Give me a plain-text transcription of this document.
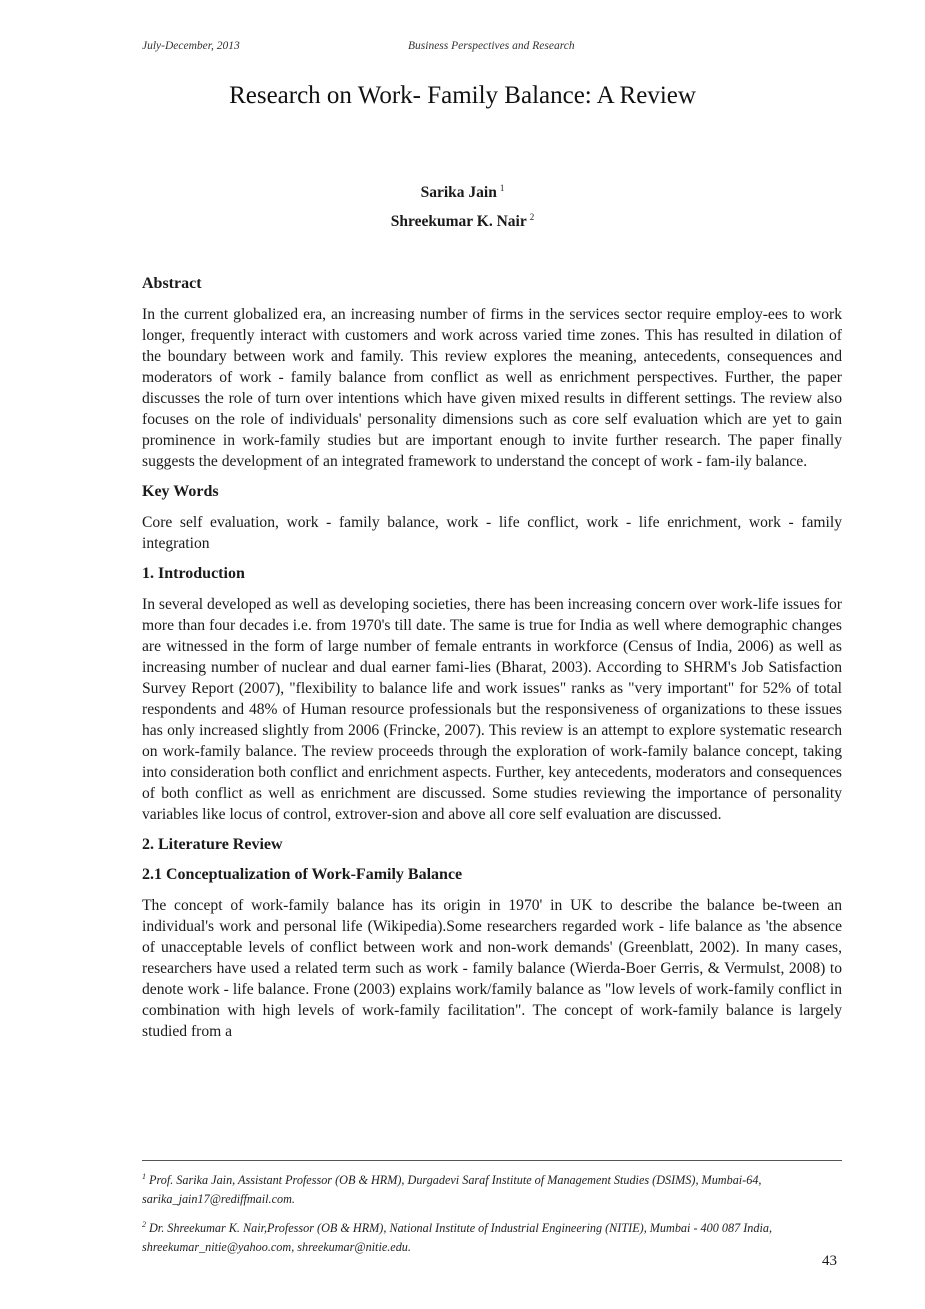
July-December, 2013	Business Perspectives and Research
Research on Work- Family Balance: A Review
Sarika Jain $^1$
Shreekumar K. Nair $^2$
Abstract

In the current globalized era, an increasing number of firms in the services sector require employ-ees to work longer, frequently interact with customers and work across varied time zones. This has resulted in dilation of the boundary between work and family. This review explores the meaning, antecedents, consequences and moderators of work - family balance from conflict as well as enrichment perspectives. Further, the paper discusses the role of turn over intentions which have given mixed results in different settings. The review also focuses on the role of individuals' personality dimensions such as core self evaluation which are yet to gain prominence in work-family studies but are important enough to invite further research. The paper finally suggests the development of an integrated framework to understand the concept of work - fam-ily balance.

Key Words

Core self evaluation, work - family balance, work - life conflict, work - life enrichment, work - family integration

1. Introduction

In several developed as well as developing societies, there has been increasing concern over work-life issues for more than four decades i.e. from 1970's till date. The same is true for India as well where demographic changes are witnessed in the form of large number of female entrants in workforce (Census of India, 2006) as well as increasing number of nuclear and dual earner fami-lies (Bharat, 2003). According to SHRM's Job Satisfaction Survey Report (2007), "flexibility to balance life and work issues" ranks as "very important" for 52% of total respondents and 48% of Human resource professionals but the responsiveness of organizations to these issues has only increased slightly from 2006 (Frincke, 2007). This review is an attempt to explore systematic research on work-family balance. The review proceeds through the exploration of work-family balance concept, taking into consideration both conflict and enrichment aspects. Further, key antecedents, moderators and consequences of both conflict as well as enrichment are discussed. Some studies reviewing the importance of personality variables like locus of control, extrover-sion and above all core self evaluation are discussed.

2. Literature Review
2.1 Conceptualization of Work-Family Balance

The concept of work-family balance has its origin in 1970' in UK to describe the balance be-tween an individual's work and personal life (Wikipedia).Some researchers regarded work - life balance as 'the absence of unacceptable levels of conflict between work and non-work demands' (Greenblatt, 2002). In many cases, researchers have used a related term such as work - family balance (Wierda-Boer Gerris, & Vermulst, 2008) to denote work - life balance. Frone (2003) explains work/family balance as "low levels of work-family conflict in combination with high levels of work-family facilitation". The concept of work-family balance is largely studied from a

$^1$ Prof. Sarika Jain, Assistant Professor (OB & HRM), Durgadevi Saraf Institute of Management Studies (DSIMS), Mumbai-64, sarika_jain17@rediffmail.com.

$^2$ Dr. Shreekumar K. Nair,Professor (OB & HRM), National Institute of Industrial Engineering (NITIE), Mumbai - 400 087 India, shreekumar_nitie@yahoo.com, shreekumar@nitie.edu.

43
